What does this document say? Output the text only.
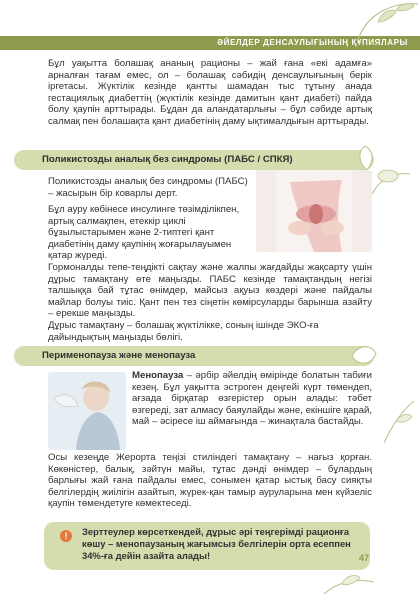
ӘЙЕЛДЕР ДЕНСАУЛЫҒЫНЫҢ ҚҰПИЯЛАРЫ

Бұл уақытта болашақ ананың рационы – жай ғана «екі адамға» арналған тағам емес, ол – болашақ сәбидің денсаулығының берік іргетасы. Жүктілік кезінде қантты шамадан тыс тұтыну анада гестациялық диабеттің (жүктілік кезінде дамитын қант диабеті) пайда болу қаупін арттырады. Бұдан да аландатарлығы – бұл сәбиде артық салмақ пен болашақта қант диабетінің даму ықтималдығын арттырады.

Поликистозды аналық без синдромы (ПАБС / СПКЯ)

Поликистозды аналық без синдромы (ПАБС) – жасырын бір коварлы дерт.

Бұл ауру көбінесе инсулинге төзімділікпен, артық салмақпен, етеккір циклі бұзылыстарымен және 2-типтегі қант диабетінің даму қаупінің жоғарылауымен қатар жүреді.

Гормоналды тепе-теңдікті сақтау және жалпы жағдайды жақсарту үшін дұрыс тамақтану өте маңызды. ПАБС кезінде тамақтандың негізі талшыққа бай тұтас өнімдер, майсыз ақуыз көздері және пайдалы майлар болуы тиіс. Қант пен тез сіңетін көмірсуларды барынша азайту – ерекше маңызды.

Дұрыс тамақтану – болашақ жүктілікке, соның ішінде ЭКО-ға дайындықтың маңызды бөлігі.

Перименопауза және менопауза

Менопауза – әрбір әйелдің өмірінде болатын табиғи кезең. Бұл уақытта эстроген деңгейі күрт төмендеп, ағзада бірқатар өзгерістер орын алады: тәбет өзгереді, зат алмасу баяулайды және, екіншіге қарай, май – әсіресе іш аймағында – жинақтала бастайды.

Осы кезеңде Жерорта теңізі стиліндегі тамақтану – нағыз қорған. Көкөністер, балық, зәйтүн майы, тұтас дәнді өнімдер – бұлардың барлығы жай ғана пайдалы емес, сонымен қатар ыстық басу сияқты белгілердің жиілігін азайтып, жүрек-қан тамыр ауруларына мен күйзеліс қаупін төмендетуге көмектеседі.

!	Зерттеулер көрсеткендей, дұрыс әрі теңгерімді рационға көшу – менопаузаның жағымсыз белгілерін орта есеппен 34%-ға дейін азайта алады!	47
